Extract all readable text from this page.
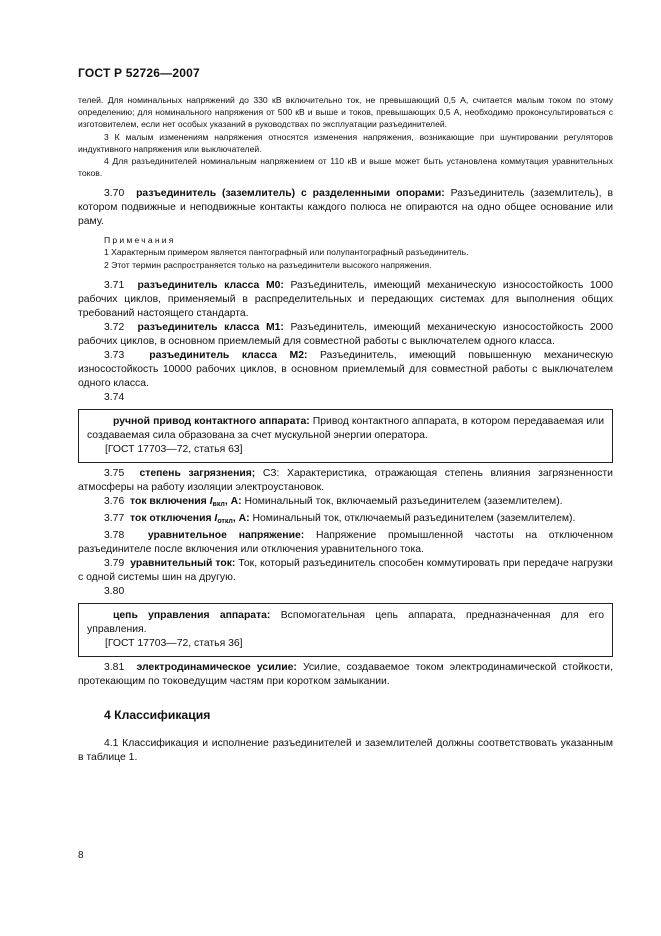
ГОСТ Р 52726—2007

телей. Для номинальных напряжений до 330 кВ включительно ток, не превышающий 0,5 А, считается малым током по этому определению; для номинального напряжения от 500 кВ и выше и токов, превышающих 0,5 А, необходимо проконсультироваться с изготовителем, если нет особых указаний в руководствах по эксплуатации разъединителей.

3 К малым изменениям напряжения относятся изменения напряжения, возникающие при шунтировании регуляторов индуктивного напряжения или выключателей.

4 Для разъединителей номинальным напряжением от 110 кВ и выше может быть установлена коммутация уравнительных токов.

3.70 разъединитель (заземлитель) с разделенными опорами: Разъединитель (заземлитель), в котором подвижные и неподвижные контакты каждого полюса не опираются на одно общее основание или раму.

Примечания

1 Характерным примером является пантографный или полупантографный разъединитель.

2 Этот термин распространяется только на разъединители высокого напряжения.

3.71 разъединитель класса М0: Разъединитель, имеющий механическую износостойкость 1000 рабочих циклов, применяемый в распределительных и передающих системах для выполнения общих требований настоящего стандарта.

3.72 разъединитель класса М1: Разъединитель, имеющий механическую износостойкость 2000 рабочих циклов, в основном приемлемый для совместной работы с выключателем одного класса.

3.73 разъединитель класса М2: Разъединитель, имеющий повышенную механическую износостойкость 10000 рабочих циклов, в основном приемлемый для совместной работы с выключателем одного класса.

3.74

ручной привод контактного аппарата: Привод контактного аппарата, в котором передаваемая или создаваемая сила образована за счет мускульной энергии оператора.

[ГОСТ 17703—72, статья 63]

3.75 степень загрязнения; СЗ: Характеристика, отражающая степень влияния загрязненности атмосферы на работу изоляции электроустановок.

3.76 ток включения $I_{вкл}$, А: Номинальный ток, включаемый разъединителем (заземлителем).

3.77 ток отключения $I_{откл}$, А: Номинальный ток, отключаемый разъединителем (заземлителем).

3.78 уравнительное напряжение: Напряжение промышленной частоты на отключенном разъединителе после включения или отключения уравнительного тока.

3.79 уравнительный ток: Ток, который разъединитель способен коммутировать при передаче нагрузки с одной системы шин на другую.

3.80

цепь управления аппарата: Вспомогательная цепь аппарата, предназначенная для его управления.

[ГОСТ 17703—72, статья 36]

3.81 электродинамическое усилие: Усилие, создаваемое током электродинамической стойкости, протекающим по токоведущим частям при коротком замыкании.

4 Классификация

4.1 Классификация и исполнение разъединителей и заземлителей должны соответствовать указанным в таблице 1.

8
